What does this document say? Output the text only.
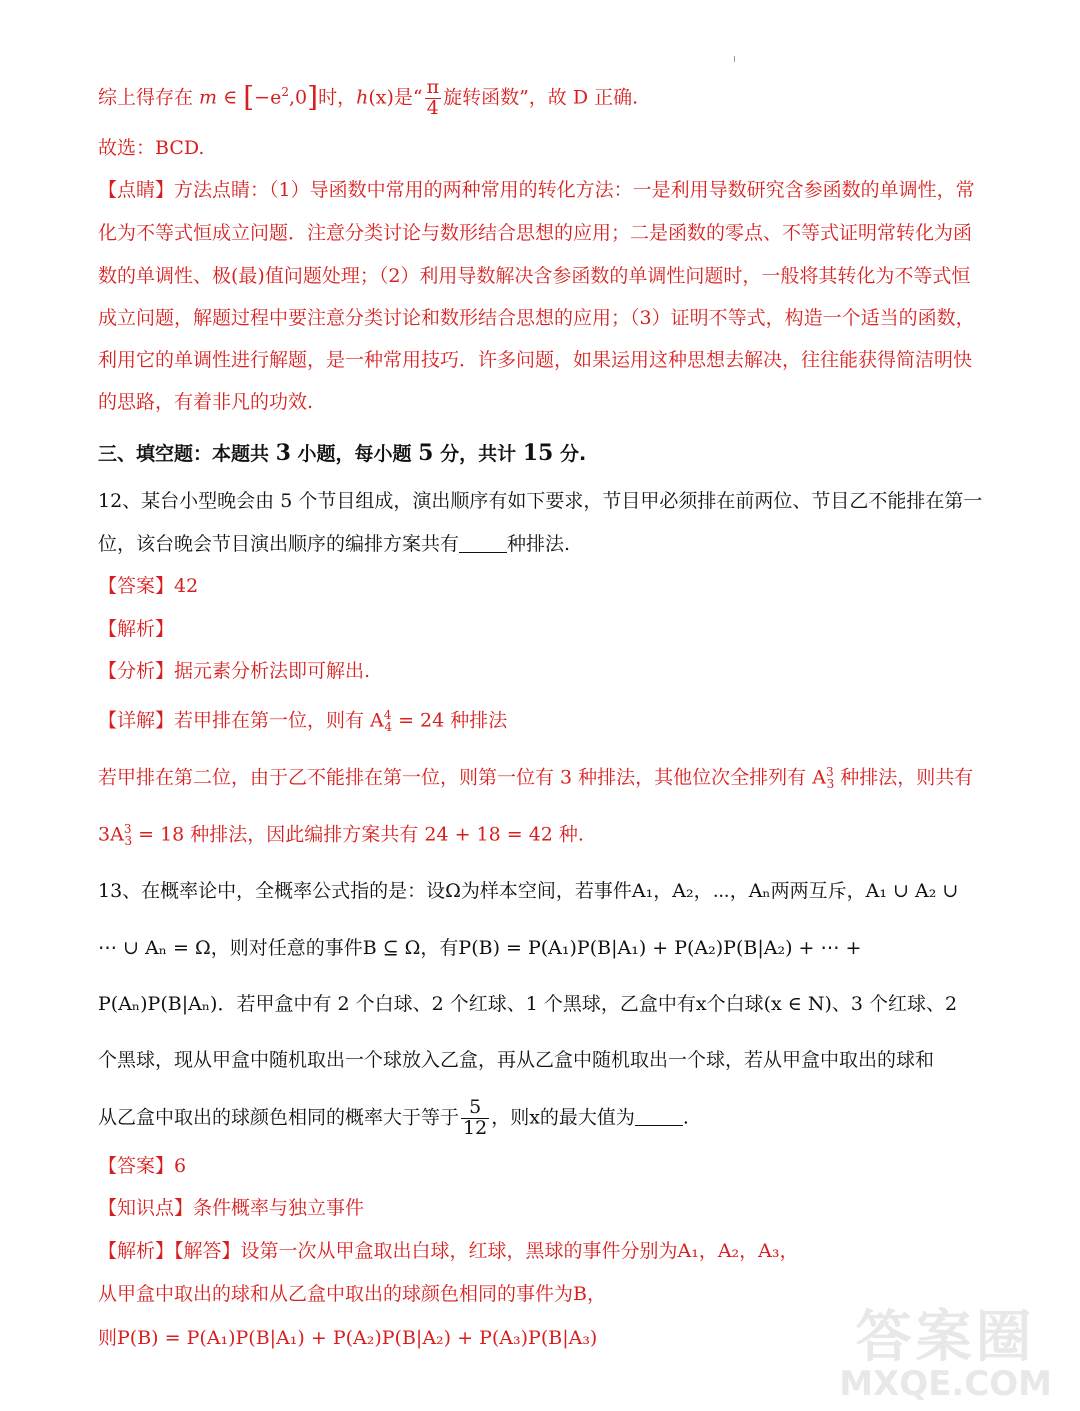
综上得存在 m ∈ $[-e^2,0]$时，h(x)是“ $\frac{\pi}{4}$ 旋转函数”，故 D 正确.
故选：BCD.
【点睛】方法点睛：（1）导函数中常用的两种常用的转化方法：一是利用导数研究含参函数的单调性，常
化为不等式恒成立问题．注意分类讨论与数形结合思想的应用；二是函数的零点、不等式证明常转化为函
数的单调性、极(最)值问题处理；（2）利用导数解决含参函数的单调性问题时，一般将其转化为不等式恒
成立问题，解题过程中要注意分类讨论和数形结合思想的应用；（3）证明不等式，构造一个适当的函数，
利用它的单调性进行解题，是一种常用技巧．许多问题，如果运用这种思想去解决，往往能获得简洁明快
的思路，有着非凡的功效.
三、填空题：本题共 3 小题，每小题 5 分，共计 15 分.
12、某台小型晚会由 5 个节目组成，演出顺序有如下要求，节目甲必须排在前两位、节目乙不能排在第一
位，该台晚会节目演出顺序的编排方案共有	种排法.
【答案】42
【解析】
【分析】据元素分析法即可解出.
【详解】若甲排在第一位，则有 $A^4_4 = 24$ 种排法
若甲排在第二位，由于乙不能排在第一位，则第一位有 3 种排法，其他位次全排列有 $A^3_3$ 种排法，则共有
$3A^3_3 = 18$ 种排法，因此编排方案共有 24 + 18 = 42 种.
13、在概率论中，全概率公式指的是：设Ω为样本空间，若事件A₁，A₂，⋯，Aₙ两两互斥，A₁ ∪ A₂ ∪
⋯ ∪ Aₙ = Ω，则对任意的事件B ⊆ Ω，有P(B) = P(A₁)P(B|A₁) + P(A₂)P(B|A₂) + ⋯ +
P(Aₙ)P(B|Aₙ)．若甲盒中有 2 个白球、2 个红球、1 个黑球，乙盒中有x个白球(x ∈ N)、3 个红球、2
个黑球，现从甲盒中随机取出一个球放入乙盒，再从乙盒中随机取出一个球，若从甲盒中取出的球和
从乙盒中取出的球颜色相同的概率大于等于 $\frac{5}{12}$ ，则x的最大值为	.
【答案】6
【知识点】条件概率与独立事件
【解析】【解答】设第一次从甲盒取出白球，红球，黑球的事件分别为A₁，A₂，A₃，
从甲盒中取出的球和从乙盒中取出的球颜色相同的事件为B，
则P(B) = P(A₁)P(B|A₁) + P(A₂)P(B|A₂) + P(A₃)P(B|A₃)	答案圈
MXQE.COM
